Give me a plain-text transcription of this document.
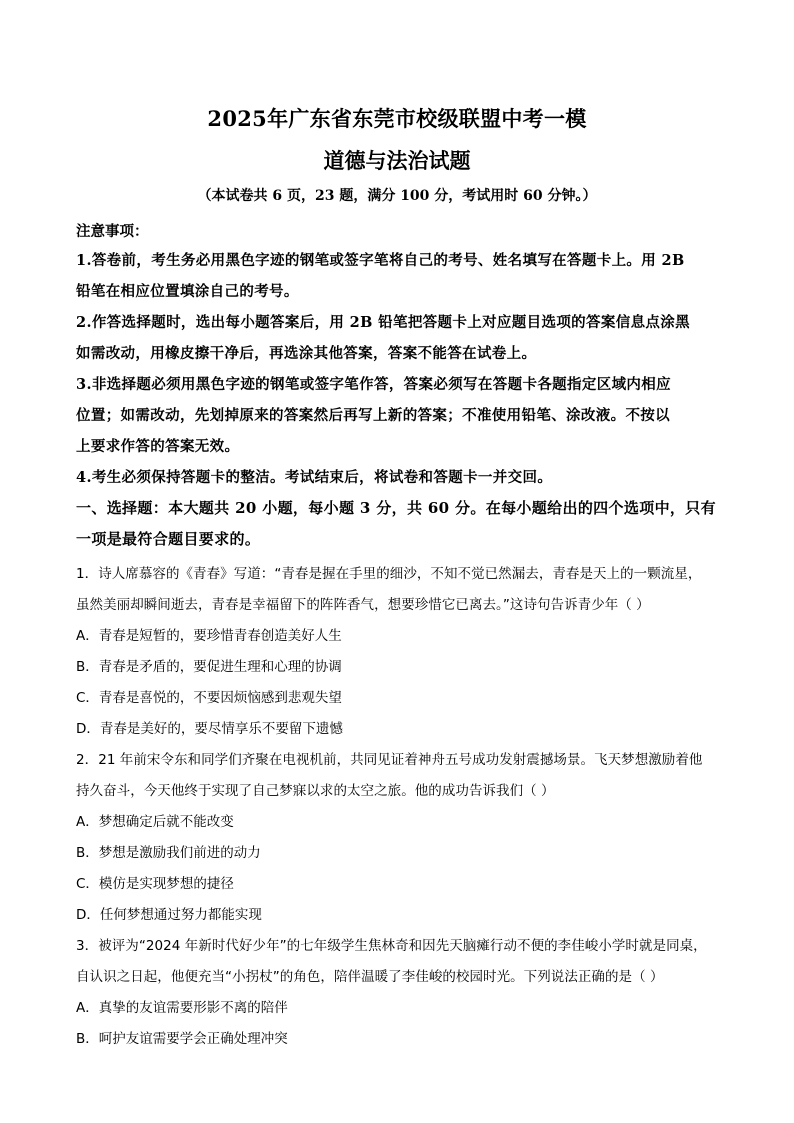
2025年广东省东莞市校级联盟中考一模
道德与法治试题
（本试卷共 6 页，23 题，满分 100 分，考试用时 60 分钟。）
注意事项：
1.答卷前，考生务必用黑色字迹的钢笔或签字笔将自己的考号、姓名填写在答题卡上。用 2B
铅笔在相应位置填涂自己的考号。
2.作答选择题时，选出每小题答案后，用 2B 铅笔把答题卡上对应题目选项的答案信息点涂黑
如需改动，用橡皮擦干净后，再选涂其他答案，答案不能答在试卷上。
3.非选择题必须用黑色字迹的钢笔或签字笔作答，答案必须写在答题卡各题指定区域内相应
位置；如需改动，先划掉原来的答案然后再写上新的答案；不准使用铅笔、涂改液。不按以
上要求作答的答案无效。
4.考生必须保持答题卡的整洁。考试结束后，将试卷和答题卡一并交回。
一、选择题：本大题共 20 小题，每小题 3 分，共 60 分。在每小题给出的四个选项中，只有
一项是最符合题目要求的。
1．诗人席慕容的《青春》写道：“青春是握在手里的细沙，不知不觉已然漏去，青春是天上的一颗流星，
虽然美丽却瞬间逝去，青春是幸福留下的阵阵香气，想要珍惜它已离去。”这诗句告诉青少年（ ）
A．青春是短暂的，要珍惜青春创造美好人生
B．青春是矛盾的，要促进生理和心理的协调
C．青春是喜悦的，不要因烦恼感到悲观失望
D．青春是美好的，要尽情享乐不要留下遗憾
2．21 年前宋令东和同学们齐聚在电视机前，共同见证着神舟五号成功发射震撼场景。飞天梦想激励着他
持久奋斗，今天他终于实现了自己梦寐以求的太空之旅。他的成功告诉我们（ ）
A．梦想确定后就不能改变
B．梦想是激励我们前进的动力
C．模仿是实现梦想的捷径
D．任何梦想通过努力都能实现
3．被评为“2024 年新时代好少年”的七年级学生焦林奇和因先天脑瘫行动不便的李佳峻小学时就是同桌，
自认识之日起，他便充当“小拐杖”的角色，陪伴温暖了李佳峻的校园时光。下列说法正确的是（ ）
A．真挚的友谊需要形影不离的陪伴
B．呵护友谊需要学会正确处理冲突
